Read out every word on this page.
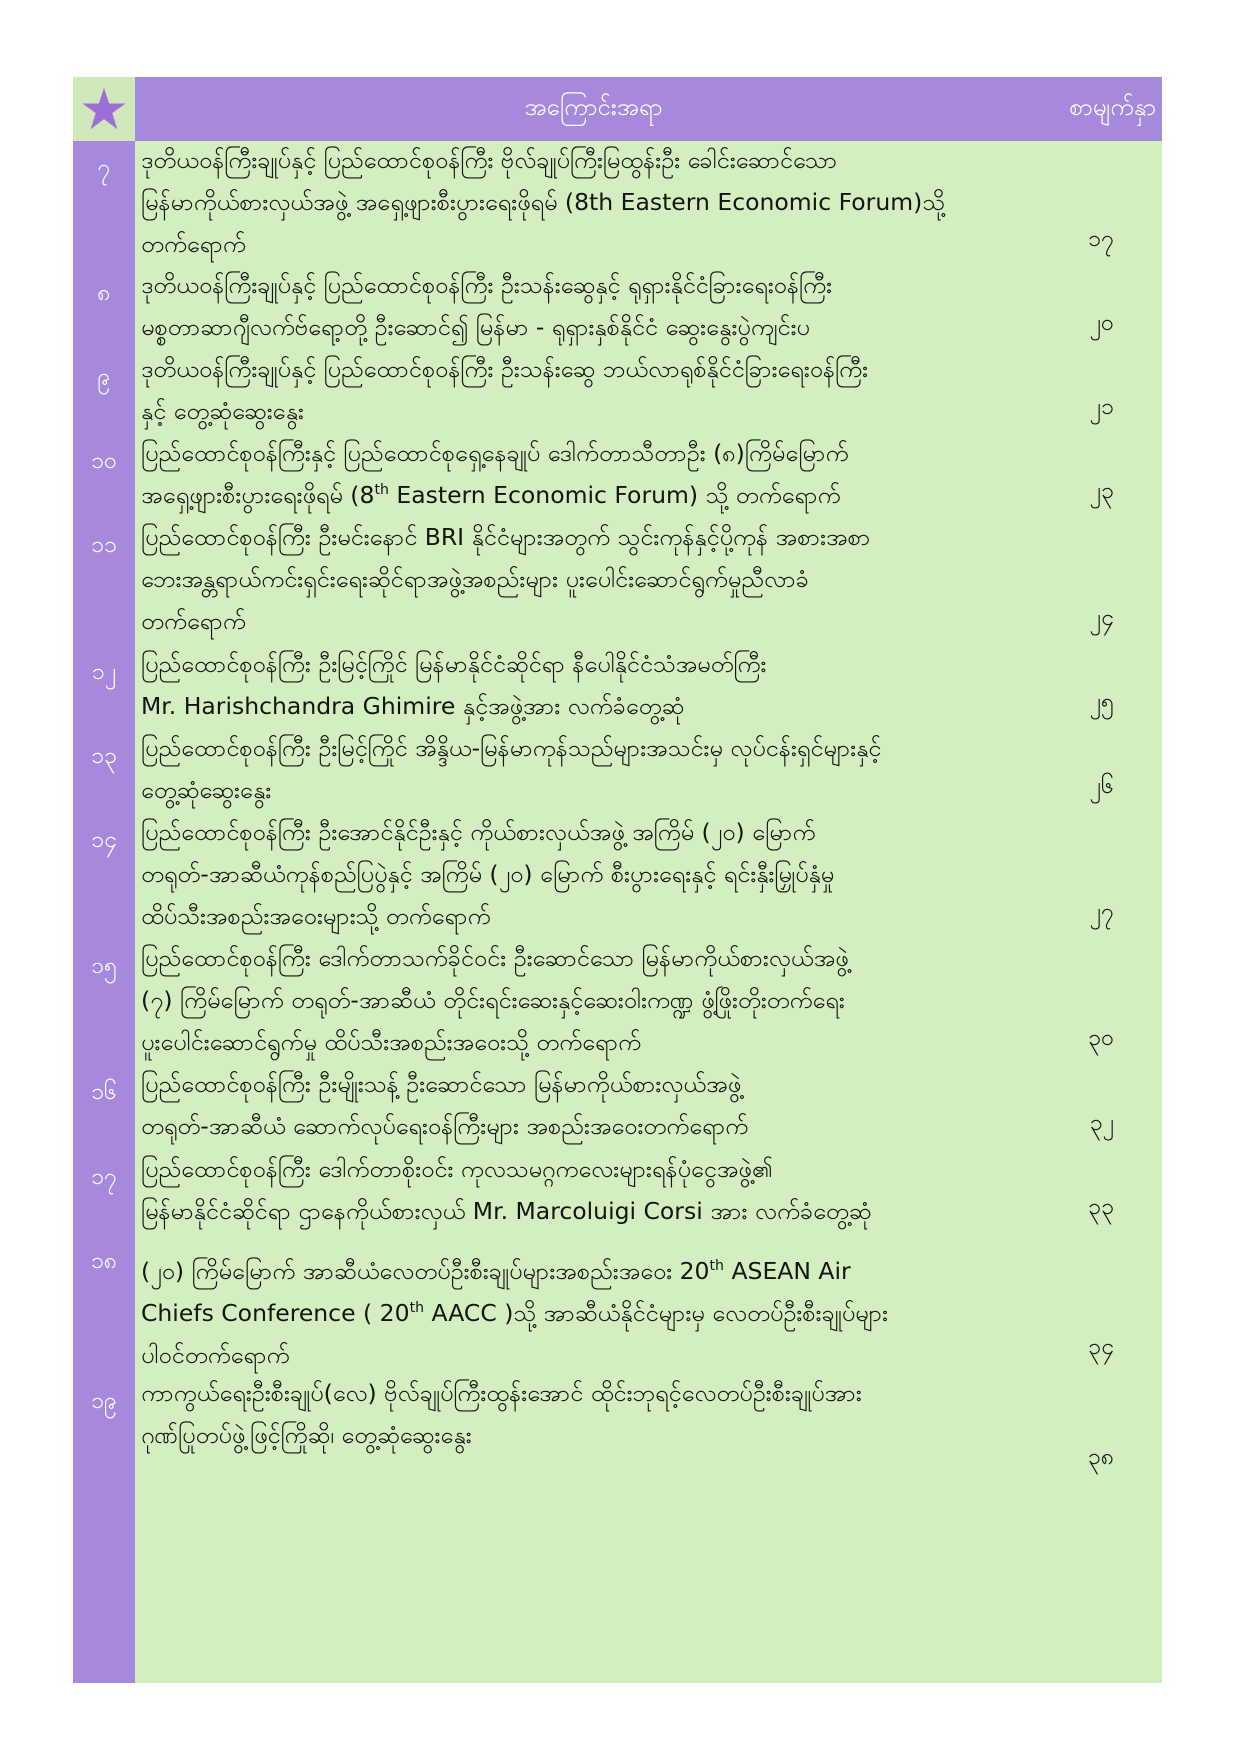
အကြောင်းအရာ	စာမျက်နှာ
၇	ဒုတိယဝန်ကြီးချုပ်နှင့် ပြည်ထောင်စုဝန်ကြီး ဗိုလ်ချုပ်ကြီးမြထွန်းဦး ခေါင်းဆောင်သော
မြန်မာကိုယ်စားလှယ်အဖွဲ့ အရှေ့ဖျားစီးပွားရေးဖိုရမ် (8th Eastern Economic Forum)သို့
တက်ရောက်	၁၇
၈	ဒုတိယဝန်ကြီးချုပ်နှင့် ပြည်ထောင်စုဝန်ကြီး ဦးသန်းဆွေနှင့် ရုရှားနိုင်ငံခြားရေးဝန်ကြီး
မစ္စတာဆာဂျီလက်ဗ်ရော့တို့ ဦးဆောင်၍ မြန်မာ - ရုရှားနှစ်နိုင်ငံ ဆွေးနွေးပွဲကျင်းပ	၂၀
၉	ဒုတိယဝန်ကြီးချုပ်နှင့် ပြည်ထောင်စုဝန်ကြီး ဦးသန်းဆွေ ဘယ်လာရုစ်နိုင်ငံခြားရေးဝန်ကြီး
နှင့် တွေ့ဆုံဆွေးနွေး	၂၁
၁၀	ပြည်ထောင်စုဝန်ကြီးနှင့် ပြည်ထောင်စုရှေ့နေချုပ် ဒေါက်တာသီတာဦး (၈)ကြိမ်မြောက်
အရှေ့ဖျားစီးပွားရေးဖိုရမ် (8th Eastern Economic Forum) သို့ တက်ရောက်	၂၃
၁၁	ပြည်ထောင်စုဝန်ကြီး ဦးမင်းနောင် BRI နိုင်ငံများအတွက် သွင်းကုန်နှင့်ပို့ကုန် အစားအစာ
ဘေးအန္တရာယ်ကင်းရှင်းရေးဆိုင်ရာအဖွဲ့အစည်းများ ပူးပေါင်းဆောင်ရွက်မှုညီလာခံ
တက်ရောက်	၂၄
၁၂	ပြည်ထောင်စုဝန်ကြီး ဦးမြင့်ကြိုင် မြန်မာနိုင်ငံဆိုင်ရာ နီပေါနိုင်ငံသံအမတ်ကြီး
Mr. Harishchandra Ghimire နှင့်အဖွဲ့အား လက်ခံတွေ့ဆုံ	၂၅
၁၃	ပြည်ထောင်စုဝန်ကြီး ဦးမြင့်ကြိုင် အိန္ဒိယ-မြန်မာကုန်သည်များအသင်းမှ လုပ်ငန်းရှင်များနှင့်
တွေ့ဆုံဆွေးနွေး	၂၆
၁၄	ပြည်ထောင်စုဝန်ကြီး ဦးအောင်နိုင်ဦးနှင့် ကိုယ်စားလှယ်အဖွဲ့ အကြိမ် (၂၀) မြောက်
တရုတ်-အာဆီယံကုန်စည်ပြပွဲနှင့် အကြိမ် (၂၀) မြောက် စီးပွားရေးနှင့် ရင်းနှီးမြှုပ်နှံမှု
ထိပ်သီးအစည်းအဝေးများသို့ တက်ရောက်	၂၇
၁၅	ပြည်ထောင်စုဝန်ကြီး ဒေါက်တာသက်ခိုင်ဝင်း ဦးဆောင်သော မြန်မာကိုယ်စားလှယ်အဖွဲ့
(၇) ကြိမ်မြောက် တရုတ်-အာဆီယံ တိုင်းရင်းဆေးနှင့်ဆေးဝါးကဏ္ဍ ဖွံ့ဖြိုးတိုးတက်ရေး
ပူးပေါင်းဆောင်ရွက်မှု ထိပ်သီးအစည်းအဝေးသို့ တက်ရောက်	၃၀
၁၆	ပြည်ထောင်စုဝန်ကြီး ဦးမျိုးသန့် ဦးဆောင်သော မြန်မာကိုယ်စားလှယ်အဖွဲ့
တရုတ်-အာဆီယံ ဆောက်လုပ်ရေးဝန်ကြီးများ အစည်းအဝေးတက်ရောက်	၃၂
၁၇	ပြည်ထောင်စုဝန်ကြီး ဒေါက်တာစိုးဝင်း ကုလသမဂ္ဂကလေးများရန်ပုံငွေအဖွဲ့၏
မြန်မာနိုင်ငံဆိုင်ရာ ဌာနေကိုယ်စားလှယ် Mr. Marcoluigi Corsi အား လက်ခံတွေ့ဆုံ	၃၃
၁၈	(၂၀) ကြိမ်မြောက် အာဆီယံလေတပ်ဦးစီးချုပ်များအစည်းအဝေး 20th ASEAN Air
Chiefs Conference ( 20th AACC )သို့ အာဆီယံနိုင်ငံများမှ လေတပ်ဦးစီးချုပ်များ
ပါဝင်တက်ရောက်	၃၄
၁၉	ကာကွယ်ရေးဦးစီးချုပ်(လေ) ဗိုလ်ချုပ်ကြီးထွန်းအောင် ထိုင်းဘုရင့်လေတပ်ဦးစီးချုပ်အား
ဂုဏ်ပြုတပ်ဖွဲ့ဖြင့်ကြိုဆို၊ တွေ့ဆုံဆွေးနွေး
၃၈
